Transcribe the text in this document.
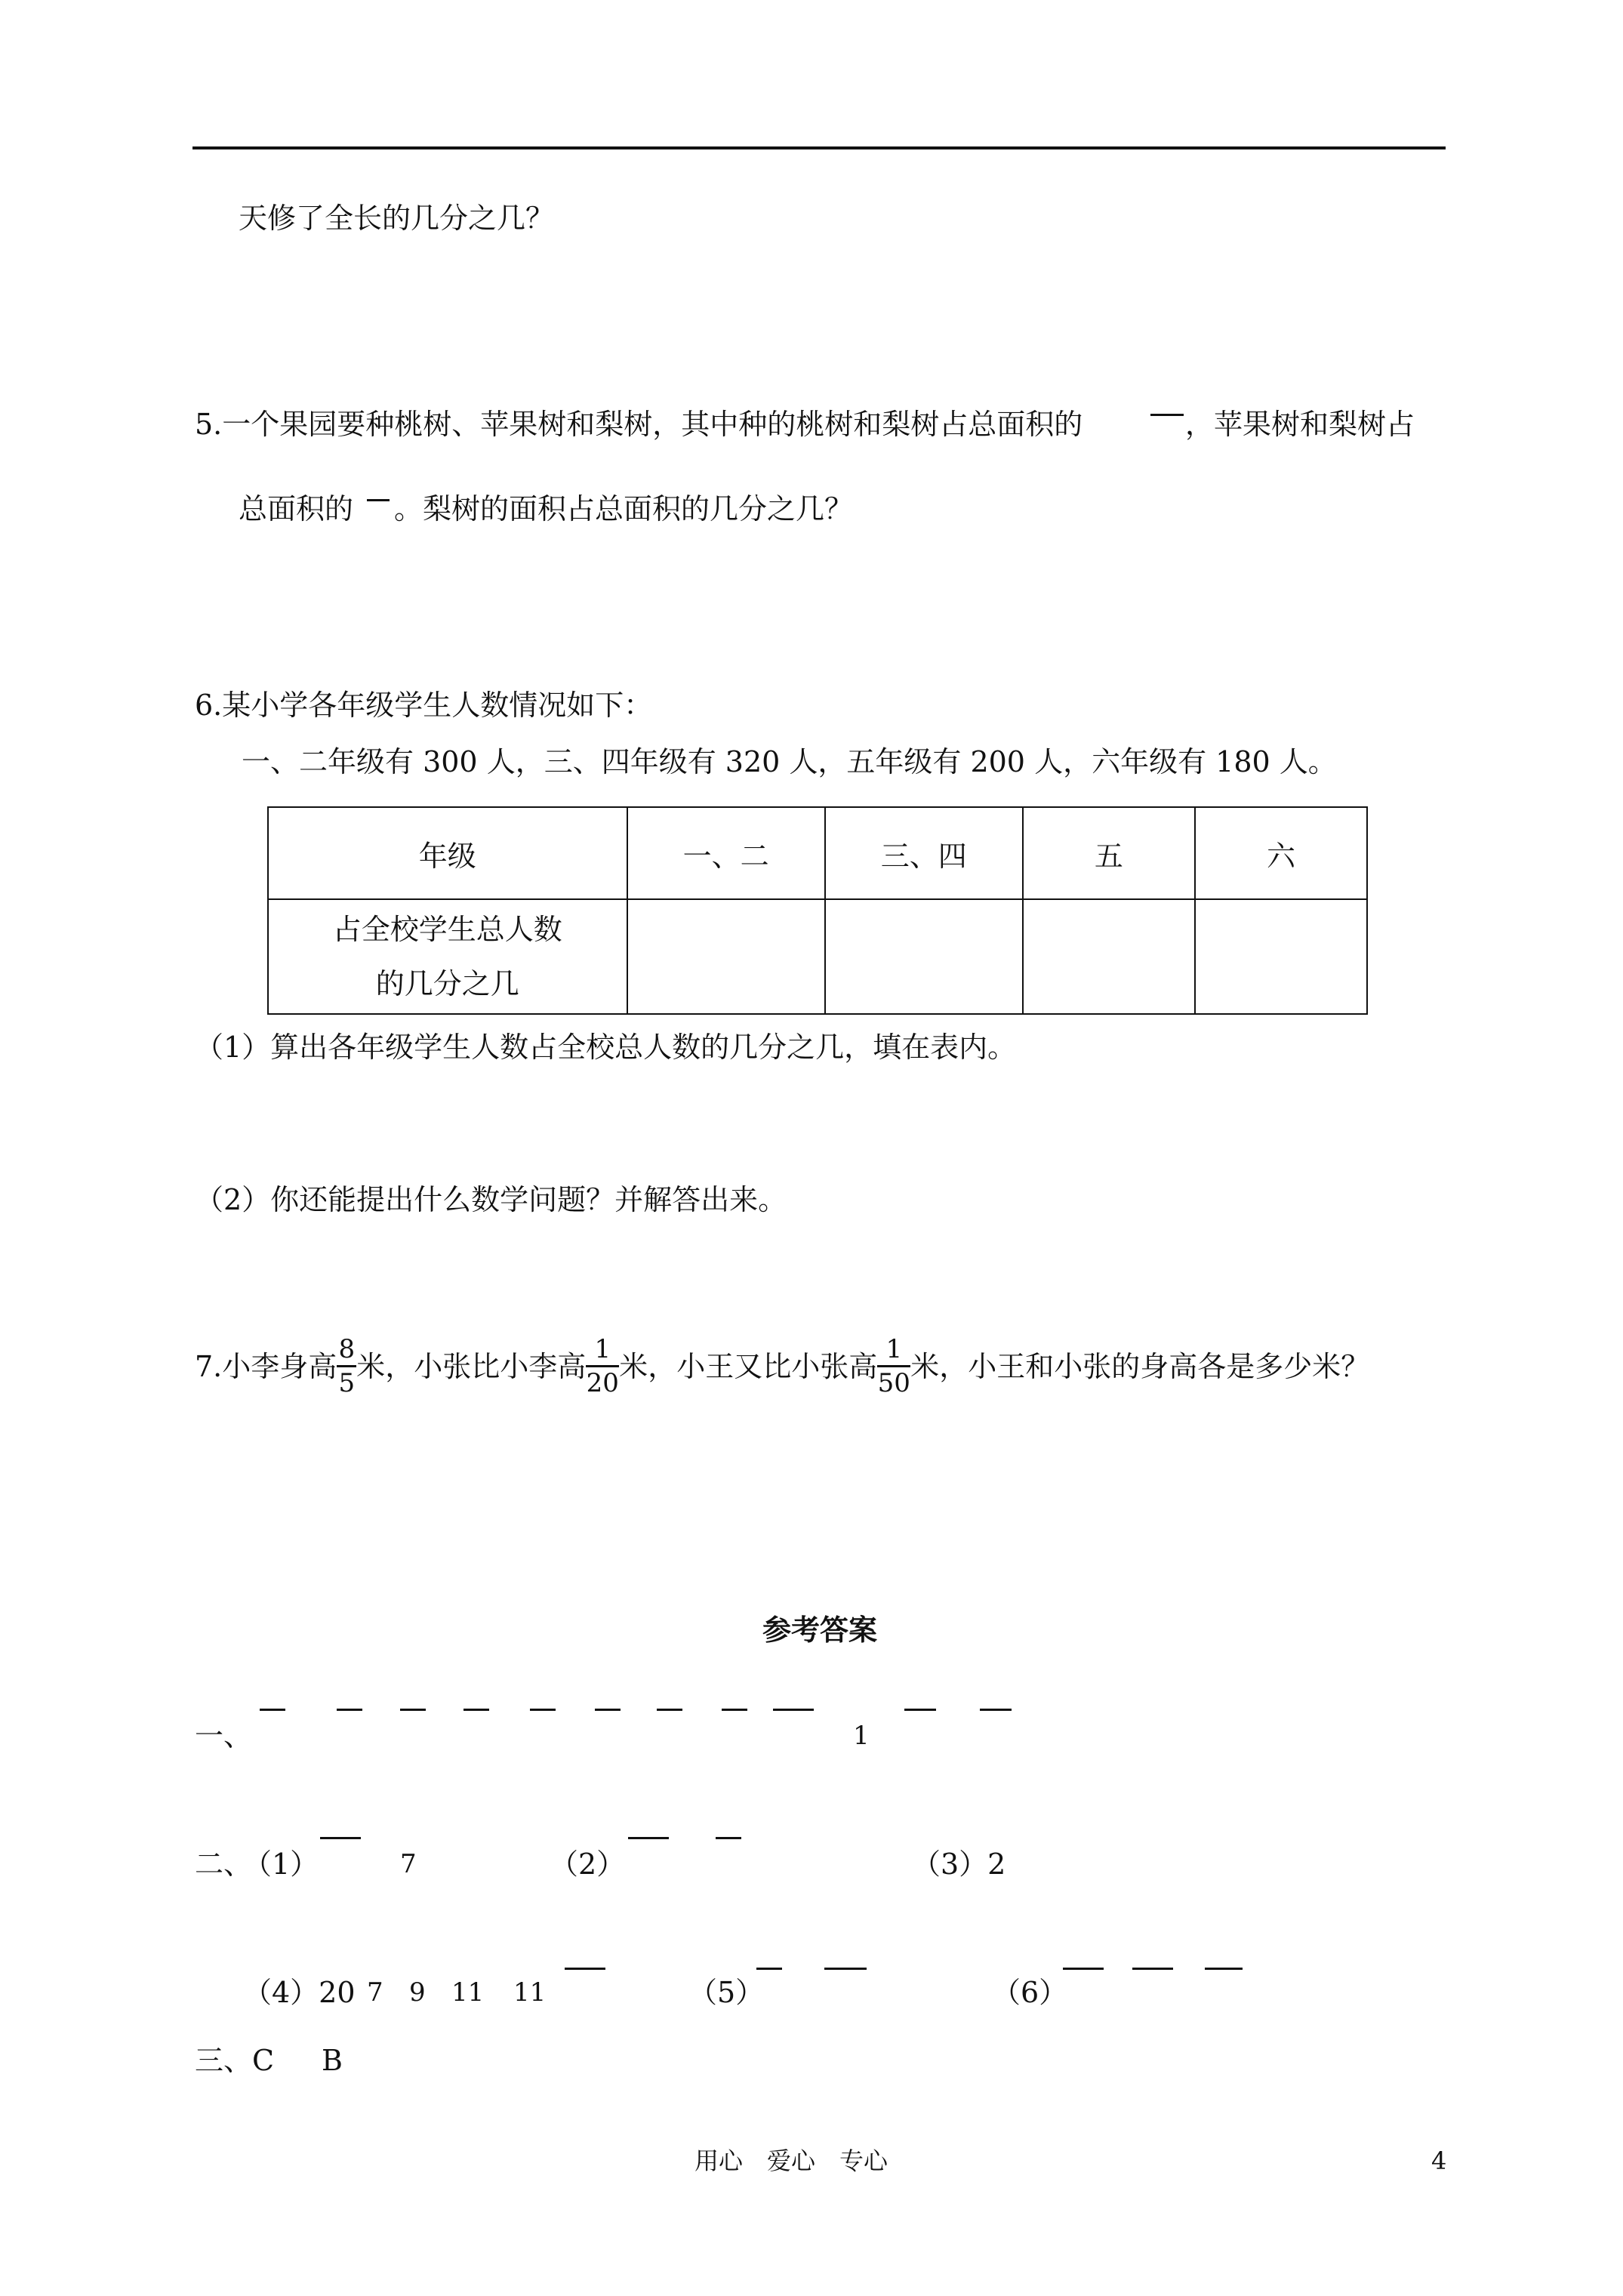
天修了全长的几分之几？
5.一个果园要种桃树、苹果树和梨树，其中种的桃树和梨树占总面积的	，苹果树和梨树占
总面积的 。梨树的面积占总面积的几分之几？
6.某小学各年级学生人数情况如下：
一、二年级有 300 人，三、四年级有 320 人，五年级有 200 人，六年级有 180 人。
年级	一、二	三、四	五	六

占全校学生总人数
的几分之几				

（1）算出各年级学生人数占全校总人数的几分之几，填在表内。
（2）你还能提出什么数学问题？并解答出来。
7.小李身高 $\frac{8}{5}$ 米，小张比小李高 $\frac{1}{20}$ 米，小王又比小张高 $\frac{1}{50}$ 米，小王和小张的身高各是多少米？
参考答案
一、	1
二、
（1）	7	（2）	（3）2
（4）20 7 9 11 11	（5）	（6）
三、C B
用心　爱心　专心	4
